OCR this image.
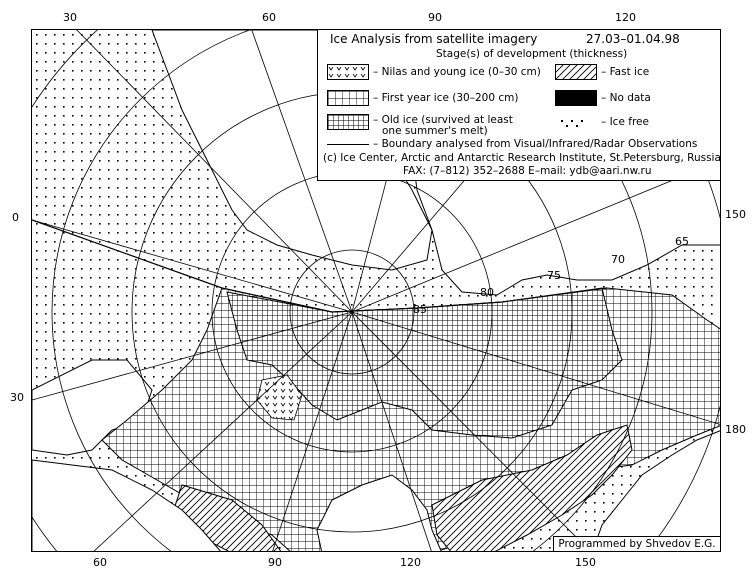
30	60	90	120
60	90	120	150
0
30
150
180
65
70
75
80
85
Ice Analysis from satellite imagery	27.03–01.04.98
Stage(s) of development (thickness)
– Nilas and young ice (0–30 cm)	– Fast ice
– First year ice (30–200 cm)	– No data
– Old ice (survived at least
one summer's melt)
– Ice free
– Boundary analysed from Visual/Infrared/Radar Observations
(c) Ice Center, Arctic and Antarctic Research Institute, St.Petersburg, Russia
FAX: (7–812) 352–2688 E–mail: ydb@aari.nw.ru
Programmed by Shvedov E.G.
